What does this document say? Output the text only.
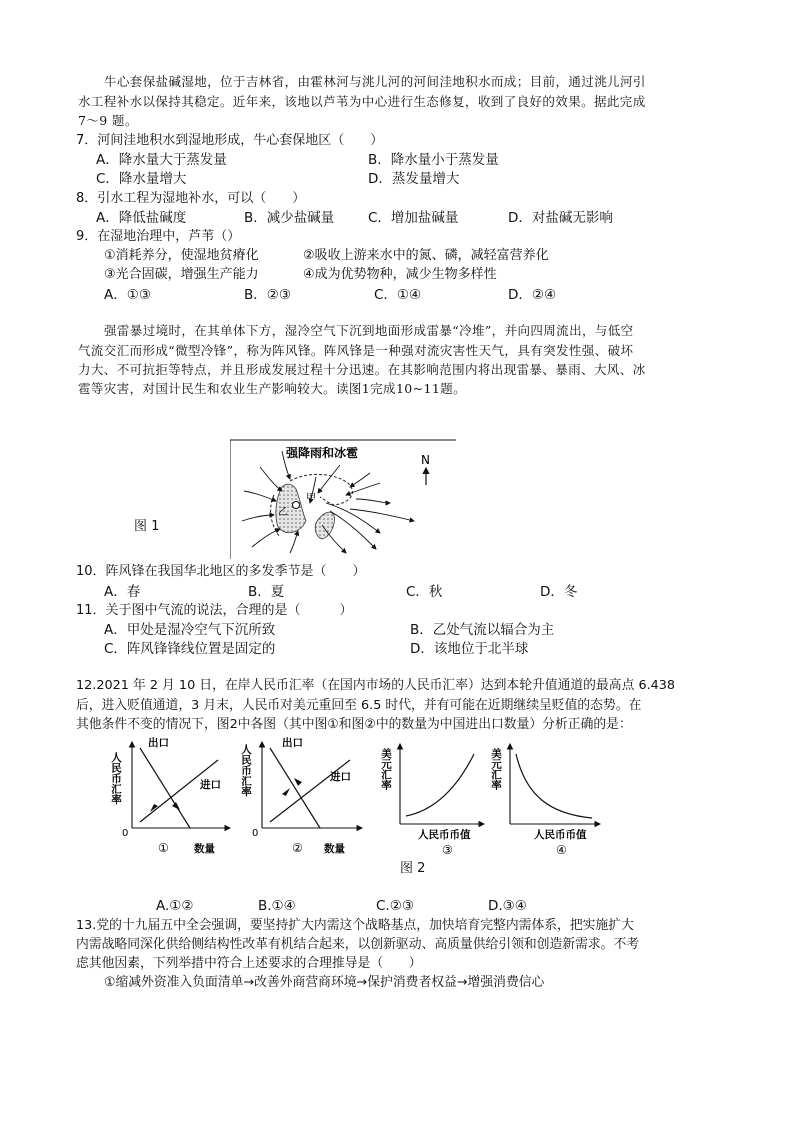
牛心套保盐碱湿地，位于吉林省，由霍林河与洮儿河的河间洼地积水而成；目前，通过洮儿河引
水工程补水以保持其稳定。近年来，该地以芦苇为中心进行生态修复，收到了良好的效果。据此完成
7～9 题。
7．河间洼地积水到湿地形成，牛心套保地区（　　）
A．降水量大于蒸发量	B．降水量小于蒸发量
C．降水量增大	D．蒸发量增大
8．引水工程为湿地补水，可以（　　）
A．降低盐碱度	B．减少盐碱量 C．增加盐碱量	D．对盐碱无影响
9．在湿地治理中，芦苇（）
①消耗养分，使湿地贫瘠化	②吸收上游来水中的氮、磷，减轻富营养化
③光合固碳，增强生产能力	④成为优势物种，减少生物多样性
A．①③	B．②③	C．①④	D．②④
强雷暴过境时，在其单体下方，湿冷空气下沉到地面形成雷暴“冷堆”，并向四周流出，与低空
气流交汇而形成“微型冷锋”，称为阵风锋。阵风锋是一种强对流灾害性天气，具有突发性强、破坏
力大、不可抗拒等特点，并且形成发展过程十分迅速。在其影响范围内将出现雷暴、暴雨、大风、冰
雹等灾害，对国计民生和农业生产影响较大。读图1完成10~11题。
图 1
强降雨和冰雹	N
甲
乙
10．阵风锋在我国华北地区的多发季节是（　　）
A．春	B．夏	C．秋	D．冬
11．关于图中气流的说法，合理的是（　　　）
A．甲处是湿冷空气下沉所致	B．乙处气流以辐合为主
C．阵风锋锋线位置是固定的	D．该地位于北半球
12.2021 年 2 月 10 日，在岸人民币汇率（在国内市场的人民币汇率）达到本轮升值通道的最高点 6.438
后，进入贬值通道，3 月末，人民币对美元重回至 6.5 时代，并有可能在近期继续呈贬值的态势。在
其他条件不变的情况下，图2中各图（其中图①和图②中的数量为中国进出口数量）分析正确的是：
人民币汇率
0
出口
进口
① 数量
人民币汇率
0
出口
进口
② 数量
美元汇率
人民币币值
③
美元汇率
人民币币值
④
图 2
A.①②	B.①④	C.②③	D.③④
13.党的十九届五中全会强调，要坚持扩大内需这个战略基点，加快培育完整内需体系，把实施扩大
内需战略同深化供给侧结构性改革有机结合起来，以创新驱动、高质量供给引领和创造新需求。不考
虑其他因素，下列举措中符合上述要求的合理推导是（　　）
①缩减外资准入负面清单→改善外商营商环境→保护消费者权益→增强消费信心
